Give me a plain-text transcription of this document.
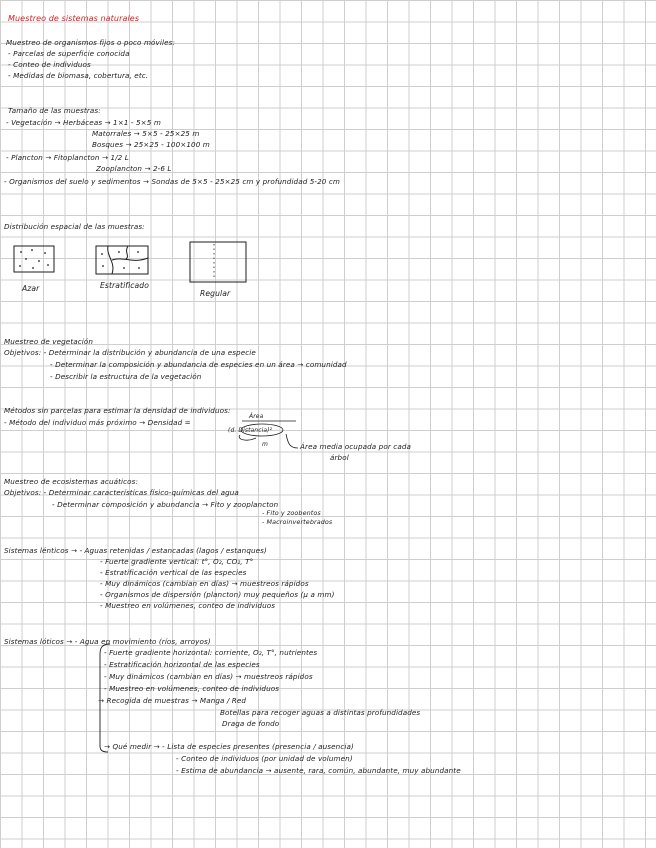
Muestreo de sistemas naturales
Muestreo de organismos fijos o poco móviles:
- Parcelas de superficie conocida
- Conteo de individuos
- Medidas de biomasa, cobertura, etc.
Tamaño de las muestras:
- Vegetación → Herbáceas → 1×1 - 5×5 m
Matorrales → 5×5 - 25×25 m
Bosques → 25×25 - 100×100 m
- Plancton → Fitoplancton → 1/2 L
Zooplancton → 2-6 L
- Organismos del suelo y sedimentos → Sondas de 5×5 - 25×25 cm y profundidad 5-20 cm
Distribución espacial de las muestras:
Azar	Estratificado
Regular
Muestreo de vegetación
Objetivos: - Determinar la distribución y abundancia de una especie
- Determinar la composición y abundancia de especies en un área → comunidad
- Describir la estructura de la vegetación
Métodos sin parcelas para estimar la densidad de individuos:
- Método del individuo más próximo → Densidad =
Área
(d. Distancia)²
m	Área media ocupada por cada
árbol
Muestreo de ecosistemas acuáticos:
Objetivos: - Determinar características físico-químicas del agua
- Determinar composición y abundancia → Fito y zooplancton
- Fito y zoobentos
- Macroinvertebrados
Sistemas lénticos → - Aguas retenidas / estancadas (lagos / estanques)
- Fuerte gradiente vertical: t°, O₂, CO₂, T°
- Estratificación vertical de las especies
- Muy dinámicos (cambian en días) → muestreos rápidos
- Organismos de dispersión (plancton) muy pequeños (µ a mm)
- Muestreo en volúmenes, conteo de individuos
Sistemas lóticos → - Agua en movimiento (ríos, arroyos)
- Fuerte gradiente horizontal: corriente, O₂, T°, nutrientes
- Estratificación horizontal de las especies
- Muy dinámicos (cambian en días) → muestreos rápidos
- Muestreo en volúmenes, conteo de individuos
→ Recogida de muestras → Manga / Red
Botellas para recoger aguas a distintas profundidades
Draga de fondo
→ Qué medir → - Lista de especies presentes (presencia / ausencia)
- Conteo de individuos (por unidad de volumen)
- Estima de abundancia → ausente, rara, común, abundante, muy abundante
